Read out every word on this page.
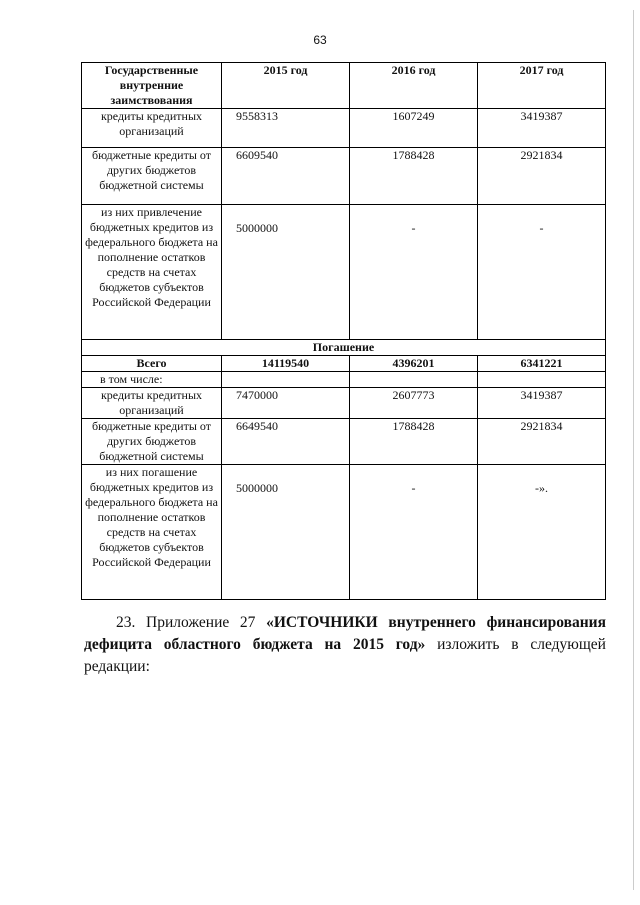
63
Государственные внутренние заимствования	2015 год	2016 год	2017 год
кредиты кредитных организаций	9558313	1607249	3419387
бюджетные кредиты от других бюджетов бюджетной системы	6609540	1788428	2921834
из них привлечение бюджетных кредитов из федерального бюджета на пополнение остатков средств на счетах бюджетов субъектов Российской Федерации	5000000	-	-
Погашение			
Всего	14119540	4396201	6341221
в том числе:			
кредиты кредитных организаций	7470000	2607773	3419387
бюджетные кредиты от других бюджетов бюджетной системы	6649540	1788428	2921834
из них погашение бюджетных кредитов из федерального бюджета на пополнение остатков средств на счетах бюджетов субъектов Российской Федерации	5000000	-	-».
23. Приложение 27 «ИСТОЧНИКИ внутреннего финансирования дефицита областного бюджета на 2015 год» изложить в следующей редакции:
